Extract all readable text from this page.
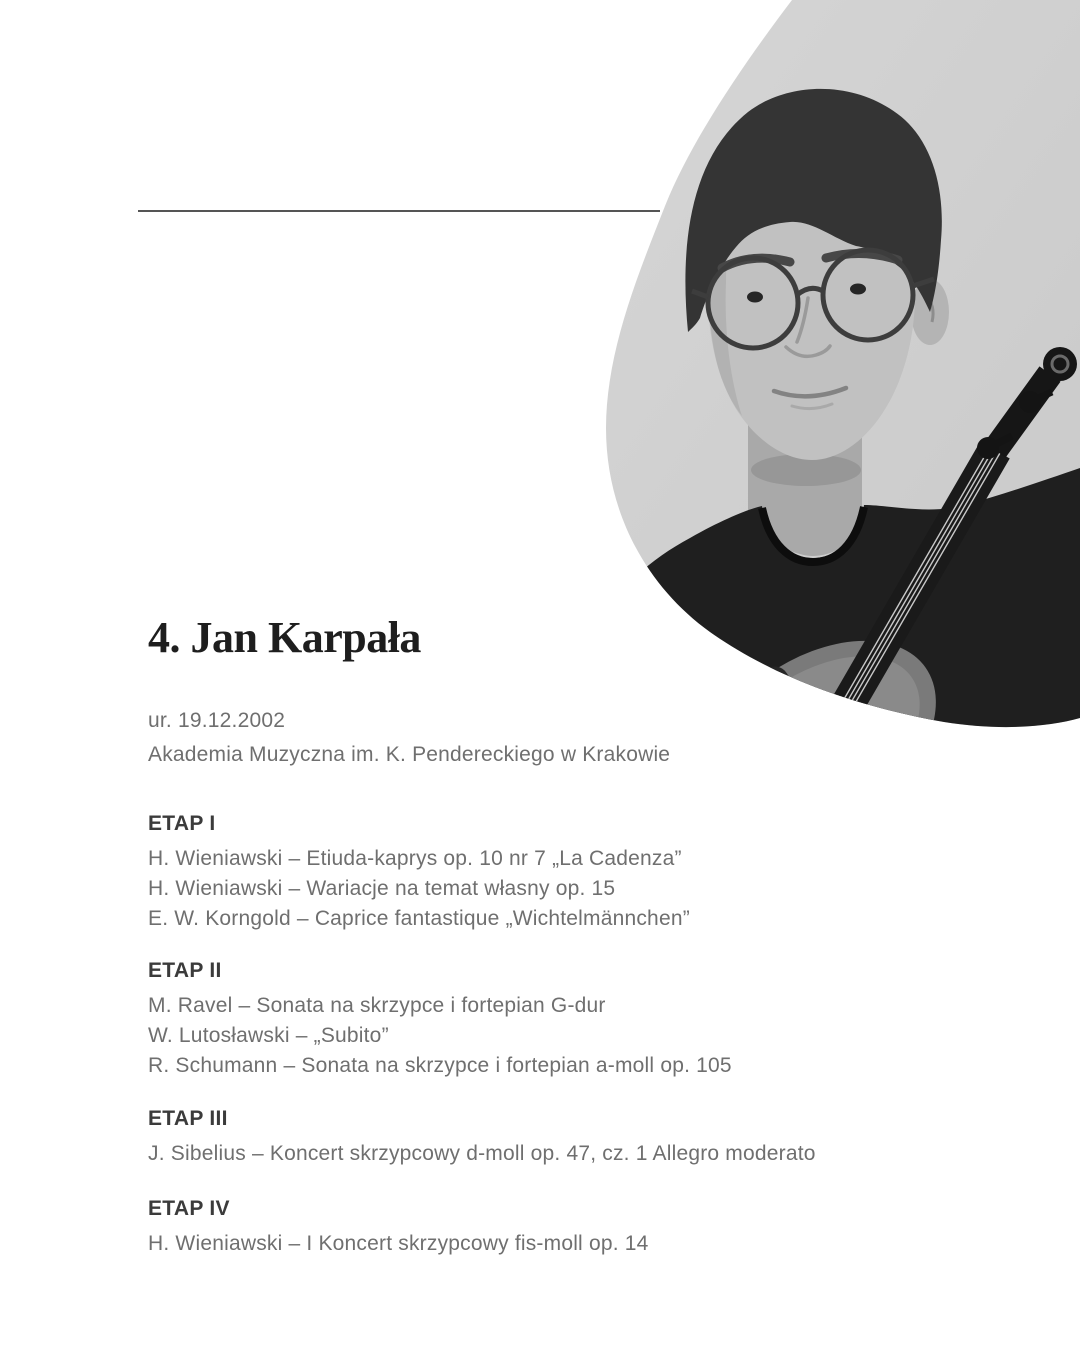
4. Jan Karpała
ur. 19.12.2002
Akademia Muzyczna im. K. Pendereckiego w Krakowie
ETAP I

H. Wieniawski – Etiuda-kaprys op. 10 nr 7 „La Cadenza”

H. Wieniawski – Wariacje na temat własny op. 15

E. W. Korngold – Caprice fantastique „Wichtelmännchen”

ETAP II

M. Ravel – Sonata na skrzypce i fortepian G-dur

W. Lutosławski – „Subito”

R. Schumann – Sonata na skrzypce i fortepian a-moll op. 105

ETAP III

J. Sibelius – Koncert skrzypcowy d-moll op. 47, cz. 1 Allegro moderato

ETAP IV

H. Wieniawski – I Koncert skrzypcowy fis-moll op. 14
